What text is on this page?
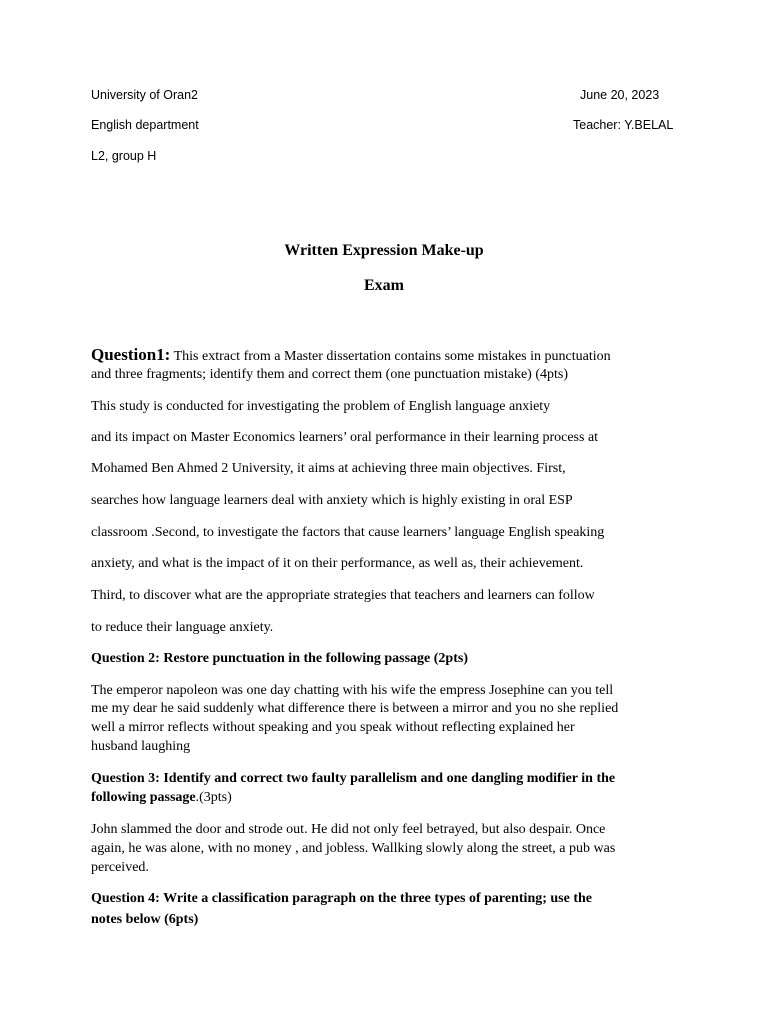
University of Oran2	June 20, 2023
English department	Teacher: Y.BELAL
L2, group H
Written Expression Make-up
Exam
Question1: This extract from a Master dissertation contains some mistakes in punctuation
and three fragments; identify them and correct them (one punctuation mistake) (4pts)
This study is conducted for investigating the problem of English language anxiety
and its impact on Master Economics learners’ oral performance in their learning process at
Mohamed Ben Ahmed 2 University, it aims at achieving three main objectives. First,
searches how language learners deal with anxiety which is highly existing in oral ESP
classroom .Second, to investigate the factors that cause learners’ language English speaking
anxiety, and what is the impact of it on their performance, as well as, their achievement.
Third, to discover what are the appropriate strategies that teachers and learners can follow
to reduce their language anxiety.
Question 2: Restore punctuation in the following passage (2pts)
The emperor napoleon was one day chatting with his wife the empress Josephine can you tell
me my dear he said suddenly what difference there is between a mirror and you no she replied
well a mirror reflects without speaking and you speak without reflecting explained her
husband laughing
Question 3: Identify and correct two faulty parallelism and one dangling modifier in the
following passage.(3pts)
John slammed the door and strode out. He did not only feel betrayed, but also despair. Once
again, he was alone, with no money , and jobless. Wallking slowly along the street, a pub was
perceived.
Question 4: Write a classification paragraph on the three types of parenting; use the
notes below (6pts)
